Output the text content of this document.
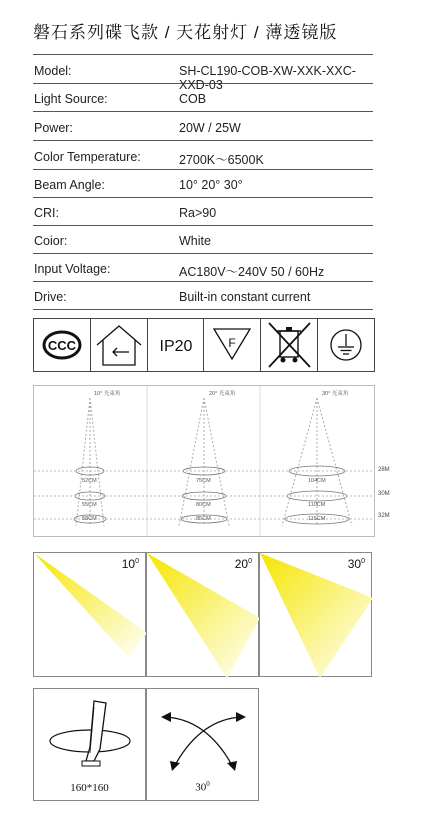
磐石系列碟飞款 / 天花射灯 / 薄透镜版
Model:	SH-CL190-COB-XW-XXK-XXC-XXD-03
Light Source:	COB
Power:	20W / 25W
Color Temperature:	2700K～6500K
Beam Angle:	10° 20° 30°
CRI:	Ra>90
Coior:	White
Input Voltage:	AC180V～240V 50 / 60Hz
Drive:	Built-in constant current
CCC	IP20	F
10° 光束角	20° 光束角	30° 光束角
52CM
55CM
58CM
75CM
80CM
85CM
104CM
110CM
115CM
28M
30M
32M
$10^0$	$20^0$	$30^0$
160*160	$30^0$
